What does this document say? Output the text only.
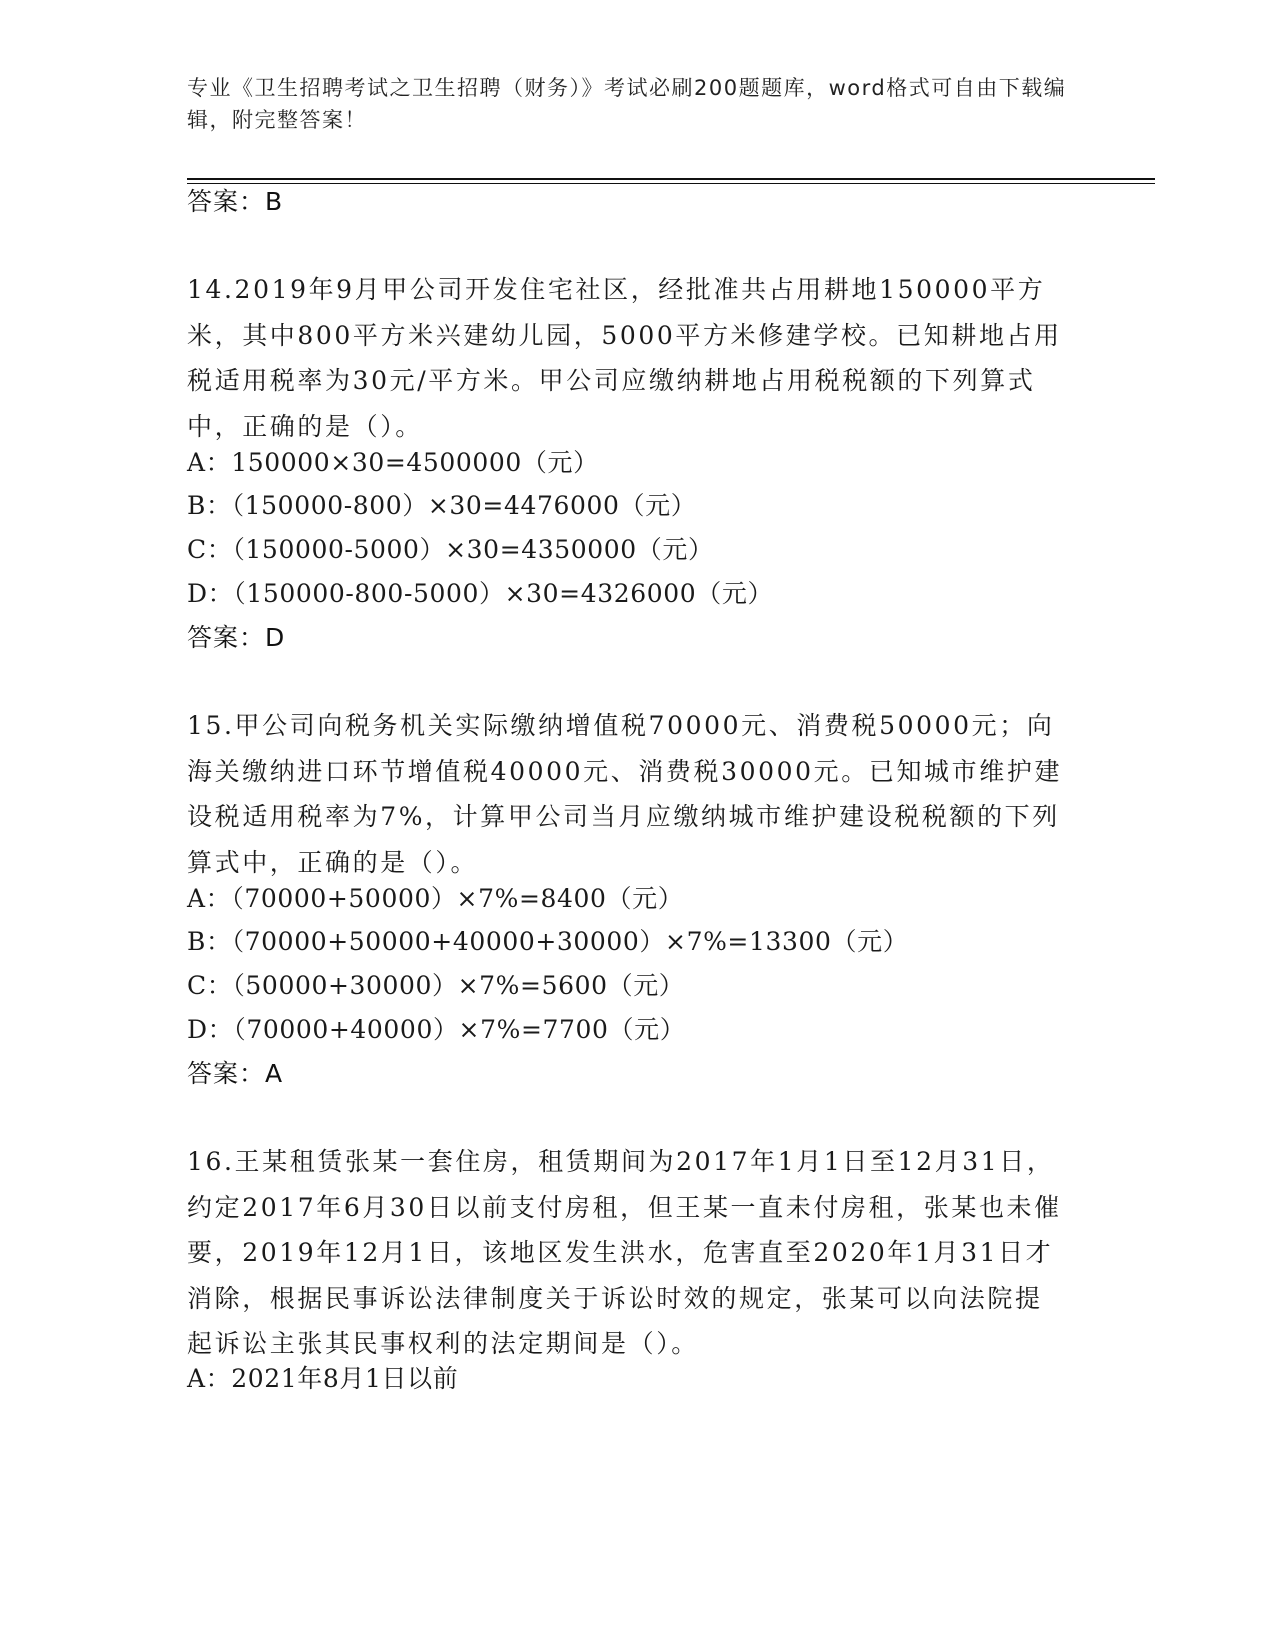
专业《卫生招聘考试之卫生招聘（财务）》考试必刷200题题库，word格式可自由下载编辑，附完整答案！
答案：B
14.2019年9月甲公司开发住宅社区，经批准共占用耕地150000平方米，其中800平方米兴建幼儿园，5000平方米修建学校。已知耕地占用税适用税率为30元/平方米。甲公司应缴纳耕地占用税税额的下列算式中，正确的是（）。
A：150000×30=4500000（元）
B：（150000-800）×30=4476000（元）
C：（150000-5000）×30=4350000（元）
D：（150000-800-5000）×30=4326000（元）
答案：D
15.甲公司向税务机关实际缴纳增值税70000元、消费税50000元；向海关缴纳进口环节增值税40000元、消费税30000元。已知城市维护建设税适用税率为7%，计算甲公司当月应缴纳城市维护建设税税额的下列算式中，正确的是（）。
A：（70000+50000）×7%=8400（元）
B：（70000+50000+40000+30000）×7%=13300（元）
C：（50000+30000）×7%=5600（元）
D：（70000+40000）×7%=7700（元）
答案：A
16.王某租赁张某一套住房，租赁期间为2017年1月1日至12月31日，约定2017年6月30日以前支付房租，但王某一直未付房租，张某也未催要，2019年12月1日，该地区发生洪水，危害直至2020年1月31日才消除，根据民事诉讼法律制度关于诉讼时效的规定，张某可以向法院提起诉讼主张其民事权利的法定期间是（）。
A：2021年8月1日以前
